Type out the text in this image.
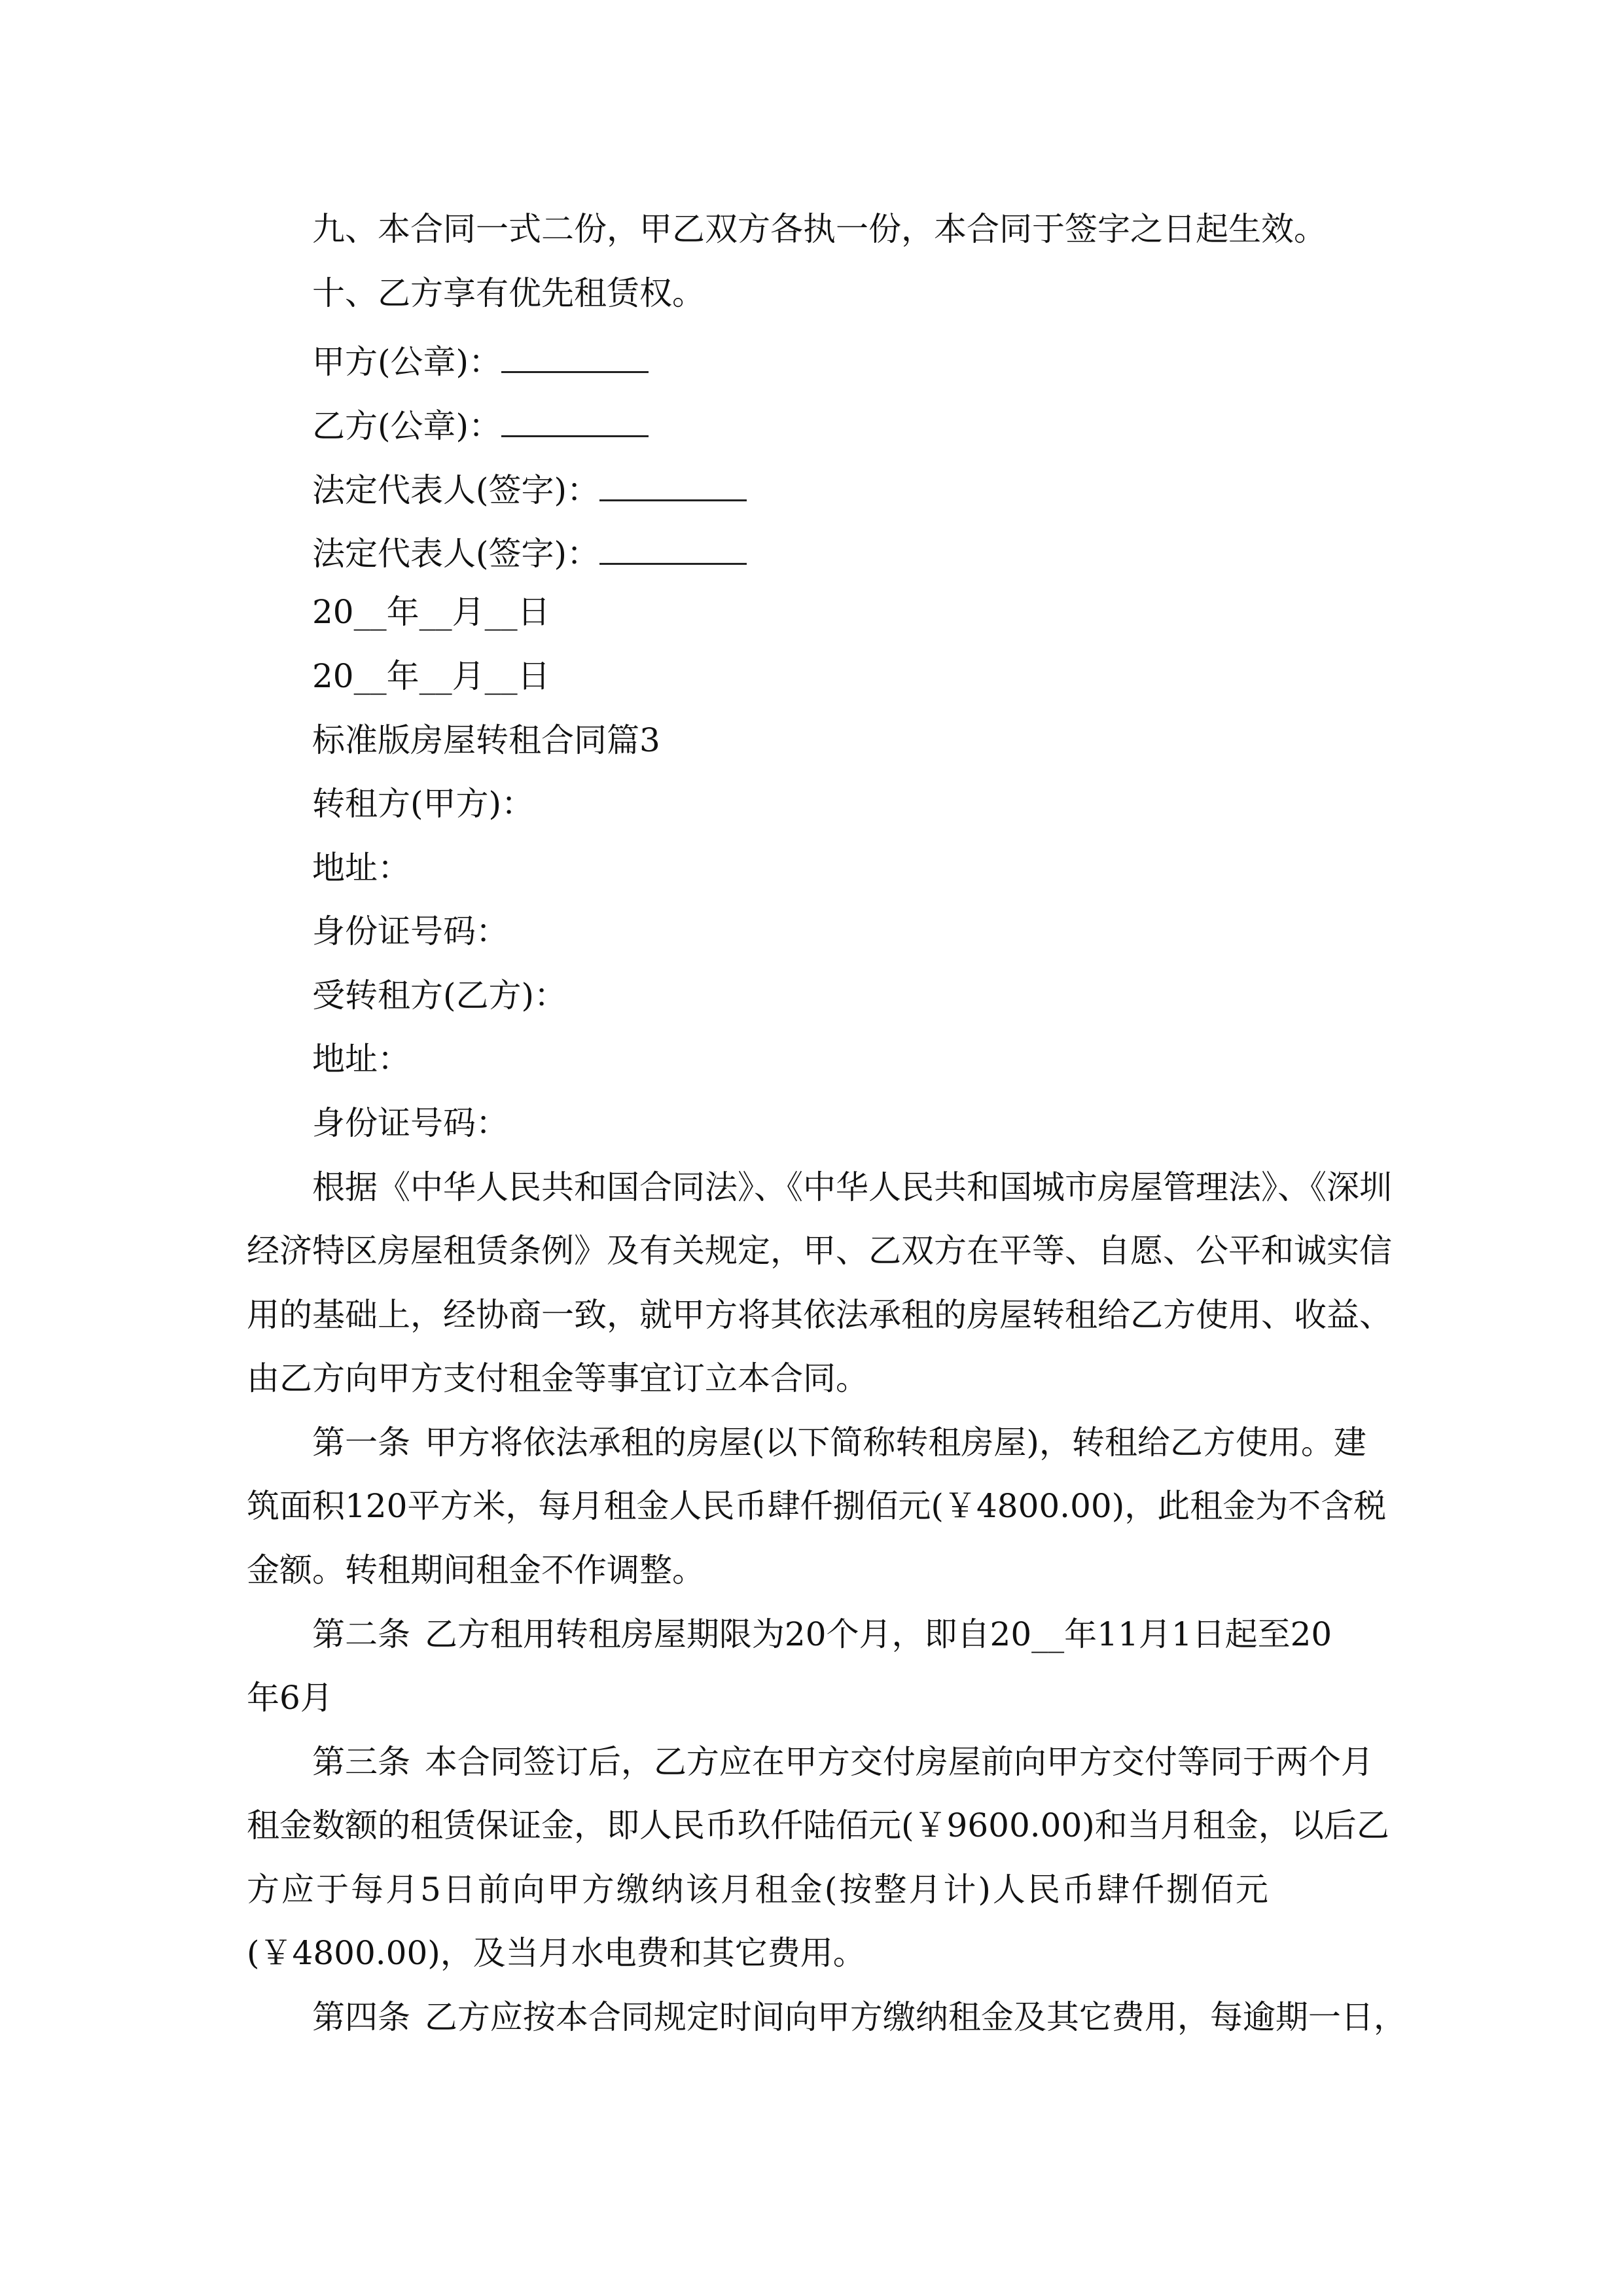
九、本合同一式二份，甲乙双方各执一份，本合同于签字之日起生效。

十、乙方享有优先租赁权。

甲方(公章)：

乙方(公章)：

法定代表人(签字)：

法定代表人(签字)：

20__年__月__日

20__年__月__日

标准版房屋转租合同篇3

转租方(甲方)：

地址：

身份证号码：

受转租方(乙方)：

地址：

身份证号码：

根据《中华人民共和国合同法》、《中华人民共和国城市房屋管理法》、《深圳

经济特区房屋租赁条例》及有关规定，甲、乙双方在平等、自愿、公平和诚实信

用的基础上，经协商一致，就甲方将其依法承租的房屋转租给乙方使用、收益、

由乙方向甲方支付租金等事宜订立本合同。

第一条 甲方将依法承租的房屋(以下简称转租房屋)，转租给乙方使用。建

筑面积120平方米，每月租金人民币肆仟捌佰元(￥4800.00)，此租金为不含税

金额。转租期间租金不作调整。

第二条 乙方租用转租房屋期限为20个月，即自20__年11月1日起至20

年6月

第三条 本合同签订后，乙方应在甲方交付房屋前向甲方交付等同于两个月

租金数额的租赁保证金，即人民币玖仟陆佰元(￥9600.00)和当月租金，以后乙

方应于每月5日前向甲方缴纳该月租金(按整月计)人民币肆仟捌佰元

(￥4800.00)，及当月水电费和其它费用。

第四条 乙方应按本合同规定时间向甲方缴纳租金及其它费用，每逾期一日，
